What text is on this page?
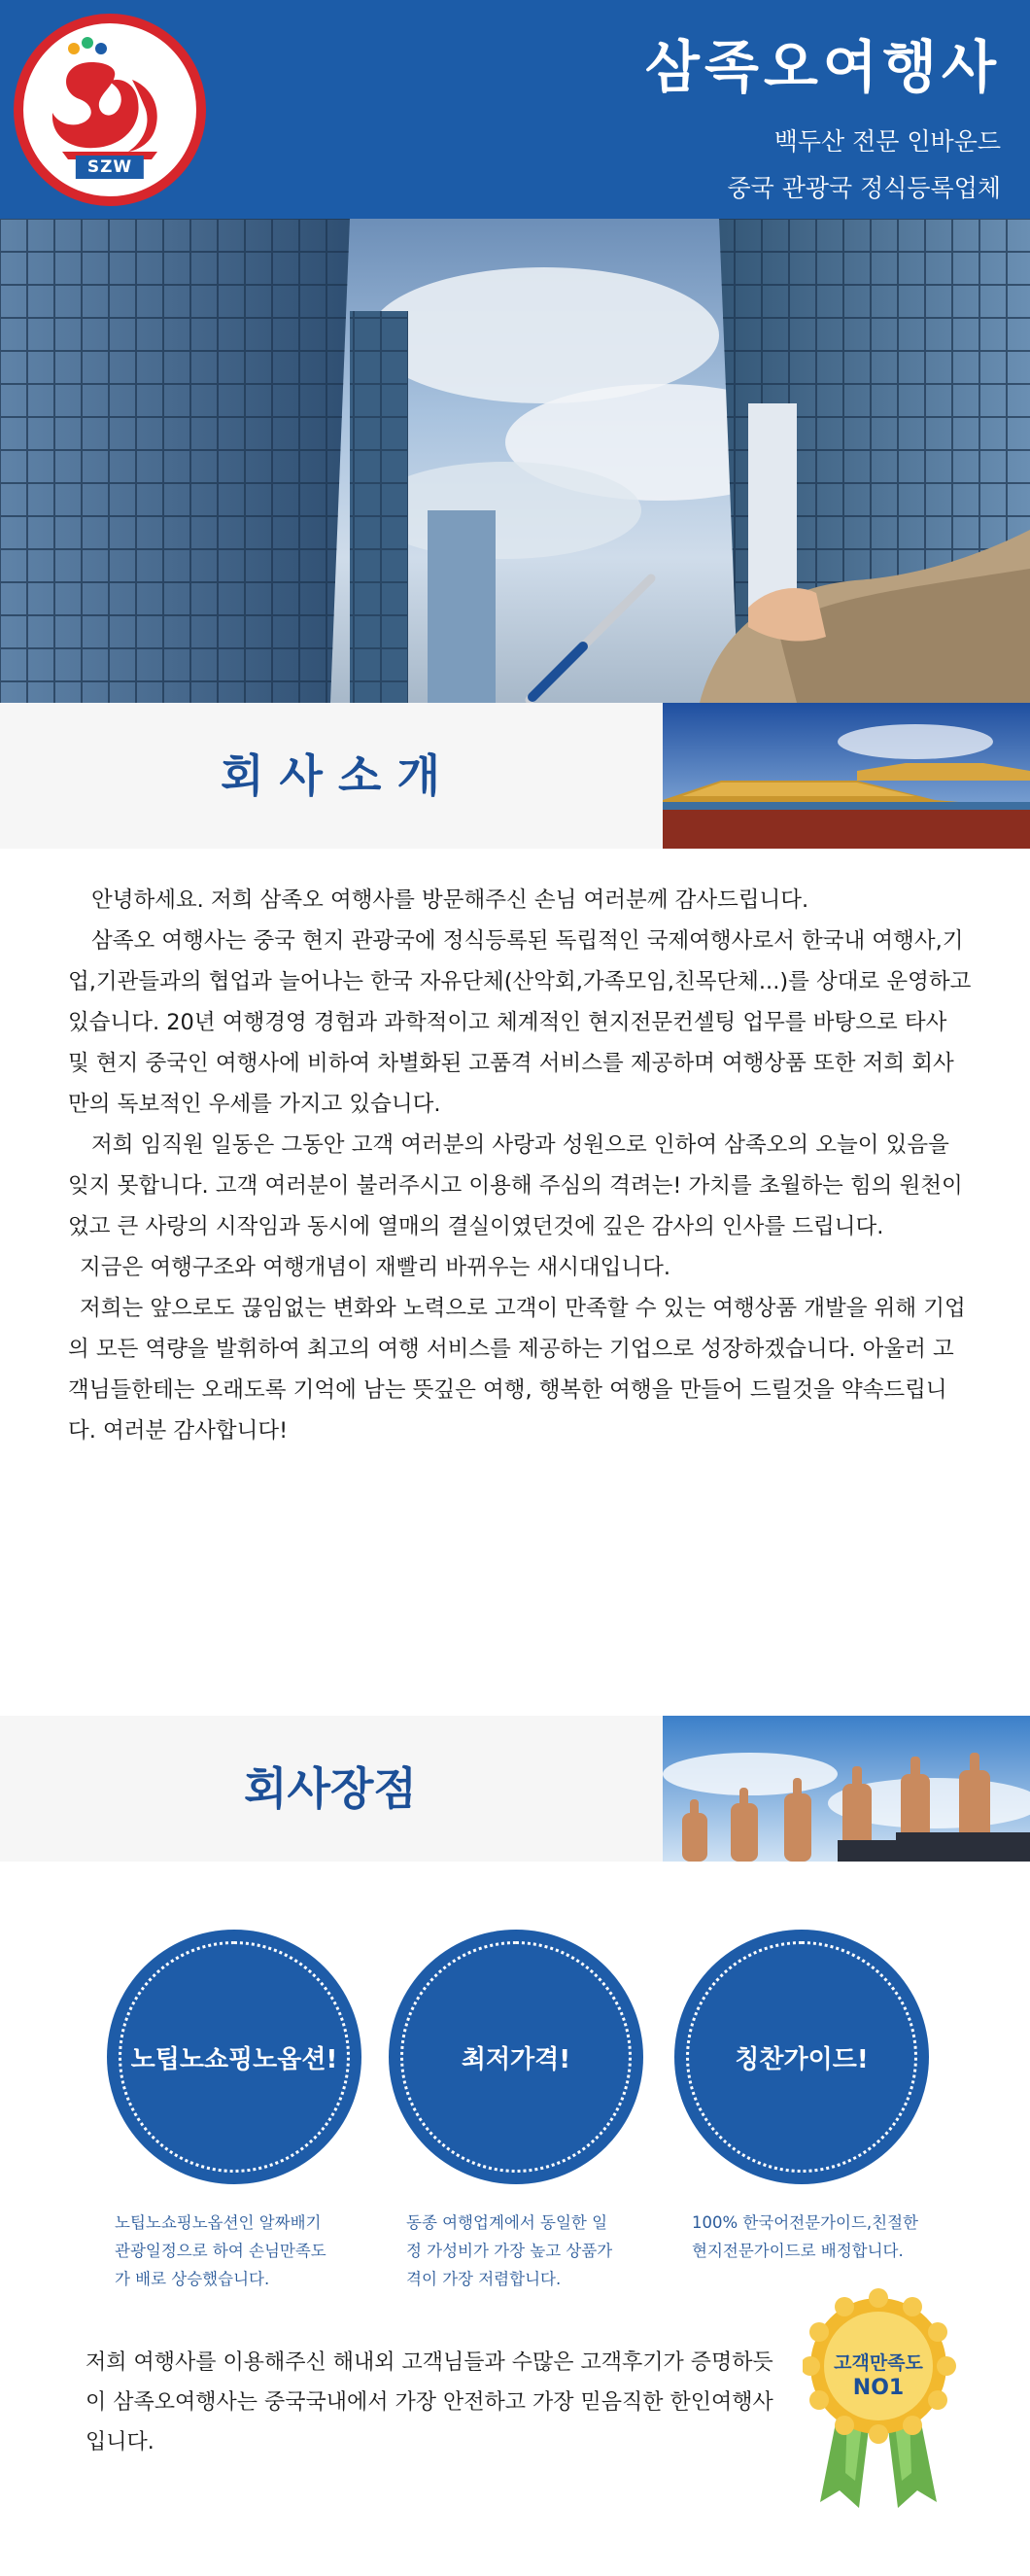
SZW
삼족오여행사
백두산 전문 인바운드
중국 관광국 정식등록업체
회 사 소 개

안녕하세요. 저희 삼족오 여행사를 방문해주신 손님 여러분께 감사드립니다.

삼족오 여행사는 중국 현지 관광국에 정식등록된 독립적인 국제여행사로서 한국내 여행사,기업,기관들과의 협업과 늘어나는 한국 자유단체(산악회,가족모임,친목단체...)를 상대로 운영하고 있습니다. 20년 여행경영 경험과 과학적이고 체계적인 현지전문컨셀팅 업무를 바탕으로 타사 및 현지 중국인 여행사에 비하여 차별화된 고품격 서비스를 제공하며 여행상품 또한 저희 회사만의 독보적인 우세를 가지고 있습니다.

저희 임직원 일동은 그동안 고객 여러분의 사랑과 성원으로 인하여 삼족오의 오늘이 있음을 잊지 못합니다. 고객 여러분이 불러주시고 이용해 주심의 격려는! 가치를 초월하는 힘의 원천이었고 큰 사랑의 시작임과 동시에 열매의 결실이였던것에 깊은 감사의 인사를 드립니다.

지금은 여행구조와 여행개념이 재빨리 바뀌우는 새시대입니다.

저희는 앞으로도 끊임없는 변화와 노력으로 고객이 만족할 수 있는 여행상품 개발을 위해 기업의 모든 역량을 발휘하여 최고의 여행 서비스를 제공하는 기업으로 성장하겠습니다. 아울러 고객님들한테는 오래도록 기억에 남는 뜻깊은 여행, 행복한 여행을 만들어 드릴것을 약속드립니다. 여러분 감사합니다!

회사장점
노팁노쇼핑노옵션!	최저가격!	칭찬가이드!
노팁노쇼핑노옵션인 알짜배기
관광일정으로 하여 손님만족도
가 배로 상승했습니다.
동종 여행업계에서 동일한 일
정 가성비가 가장 높고 상품가
격이 가장 저렴합니다.
100% 한국어전문가이드,친절한
현지전문가이드로 배정합니다.

저희 여행사를 이용해주신 해내외 고객님들과 수많은 고객후기가 증명하듯이 삼족오여행사는 중국국내에서 가장 안전하고 가장 믿음직한 한인여행사입니다.

고객만족도
NO1
